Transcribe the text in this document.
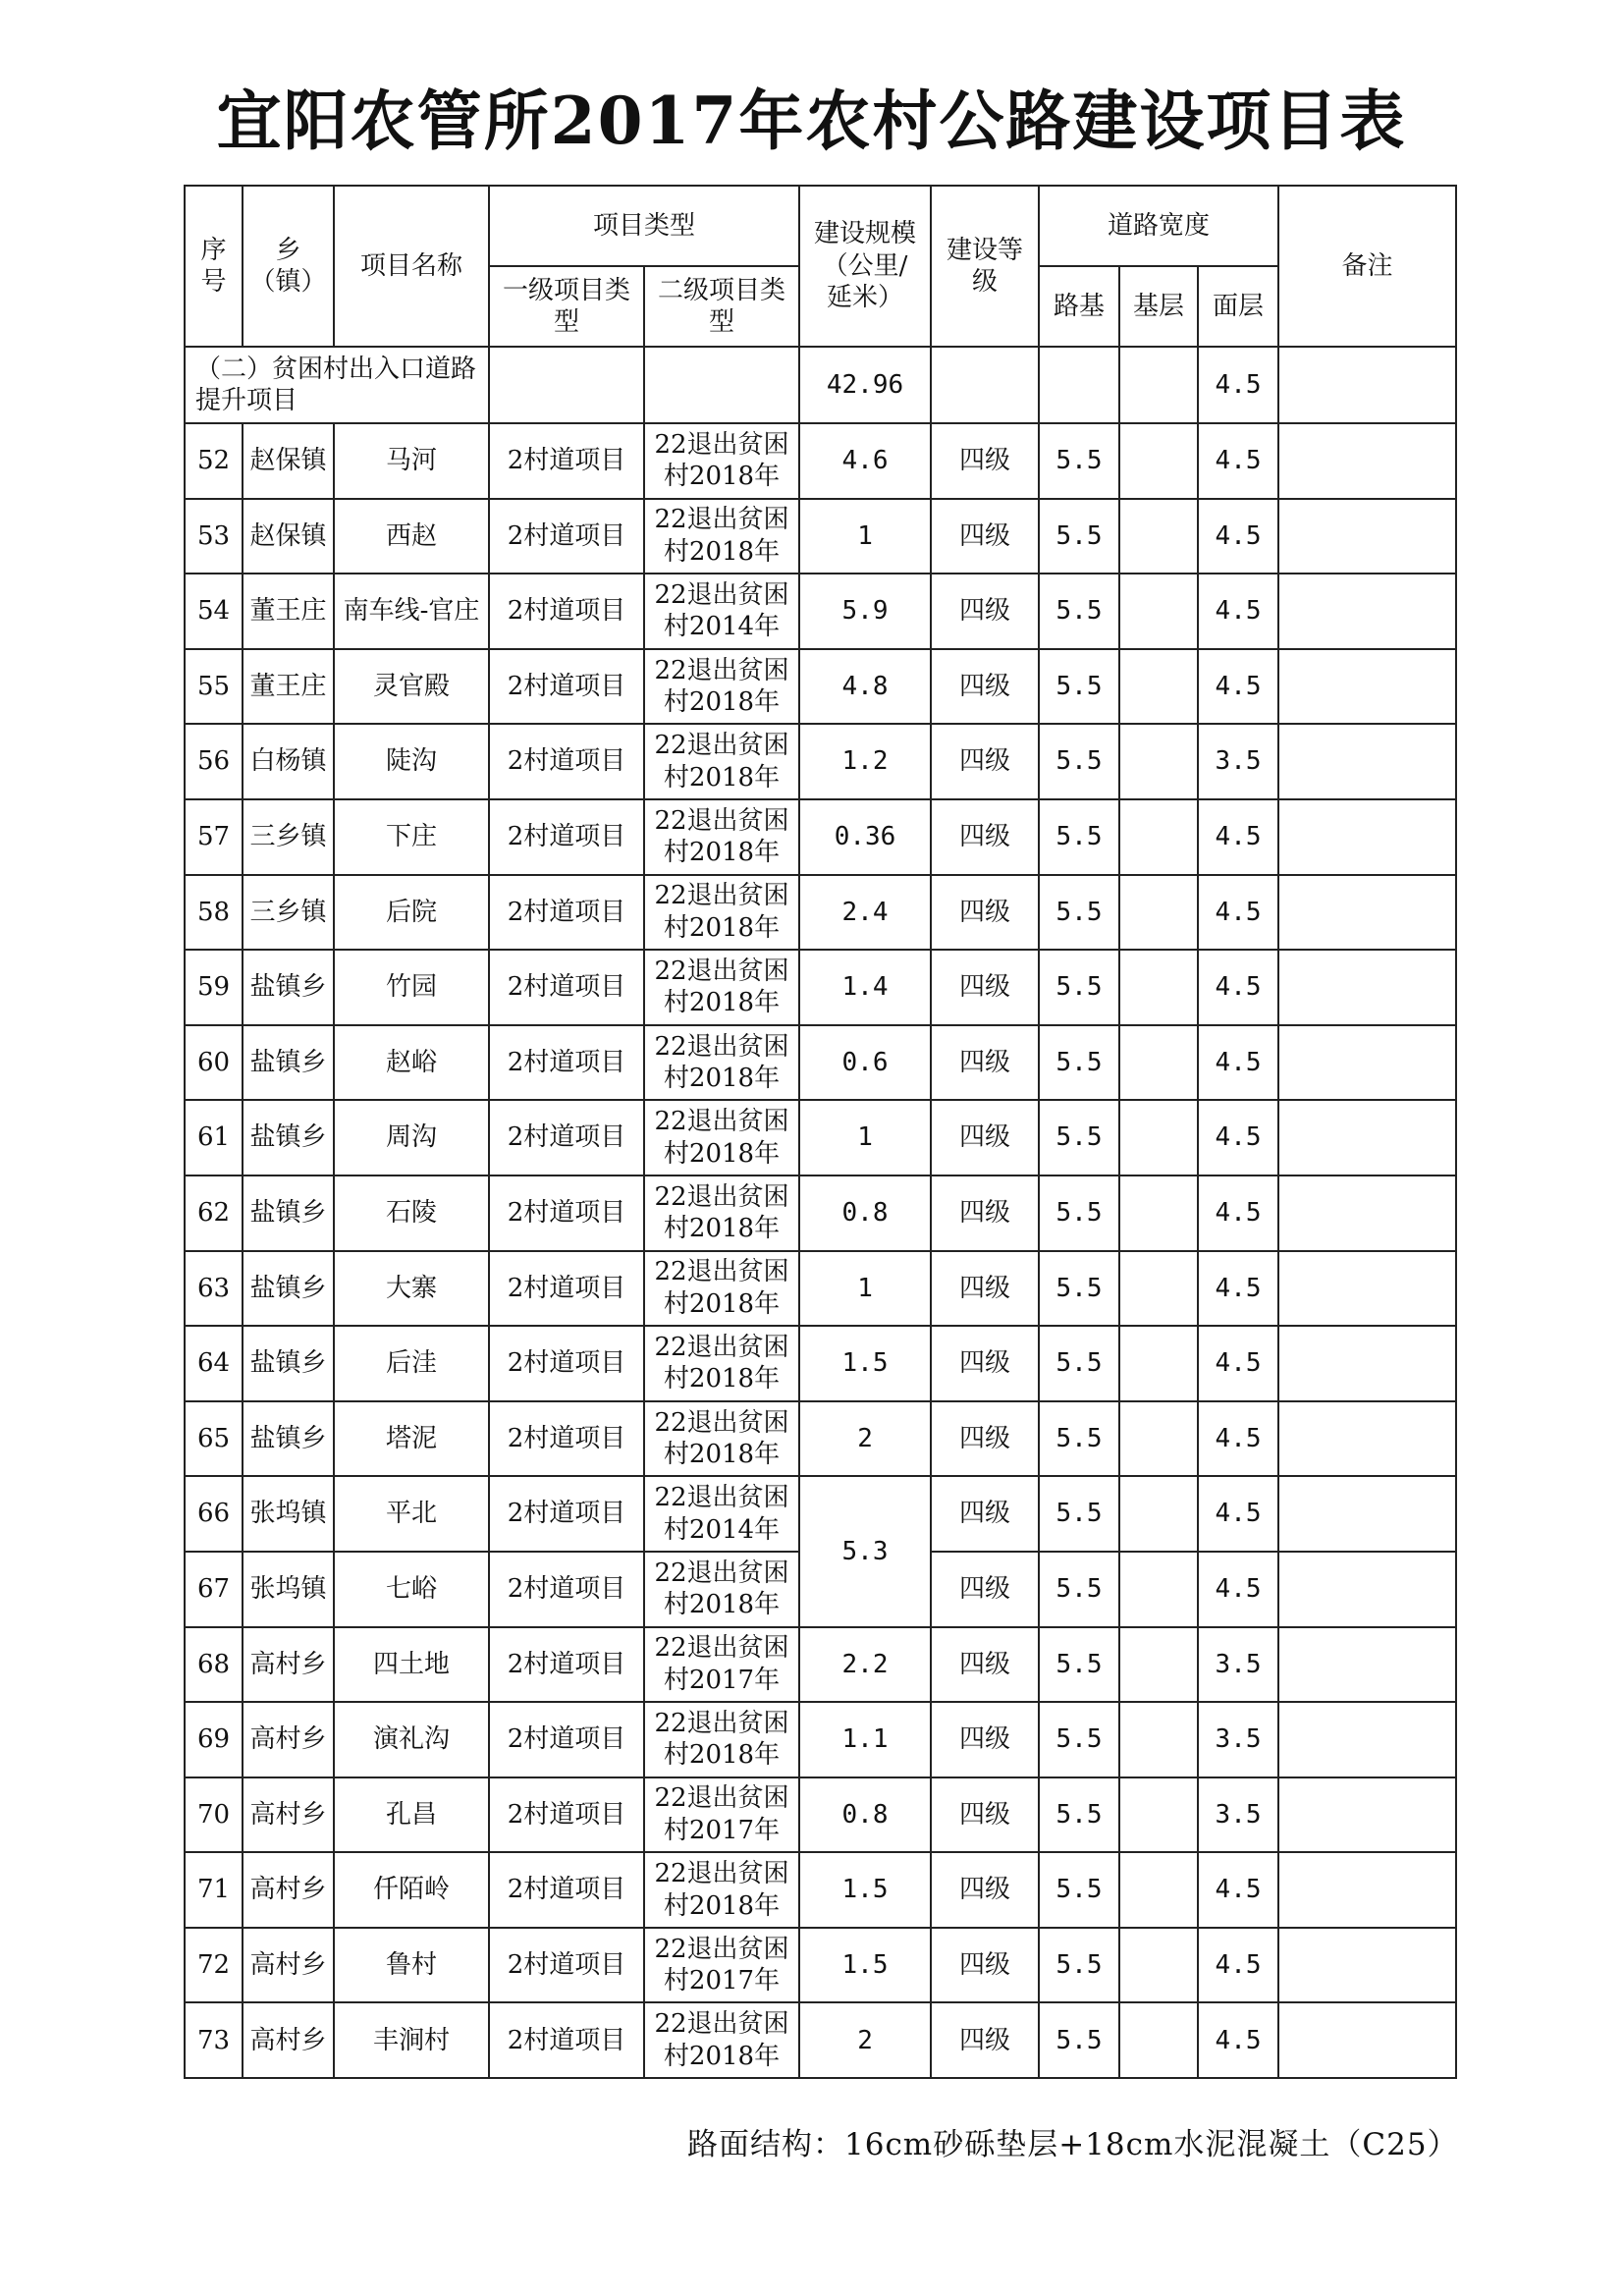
宜阳农管所2017年农村公路建设项目表
序
号	乡
（镇）	项目名称	项目类型		建设规模
（公里/
延米）	建设等
级	道路宽度			备注
			一级项目类
型	二级项目类
型			路基	基层	面层	
（二）贫困村出入口道路
提升项目					42.96				4.5	
52	赵保镇	马河	2村道项目	22退出贫困
村2018年	4.6	四级	5.5		4.5	
53	赵保镇	西赵	2村道项目	22退出贫困
村2018年	1	四级	5.5		4.5	
54	董王庄	南车线-官庄	2村道项目	22退出贫困
村2014年	5.9	四级	5.5		4.5	
55	董王庄	灵官殿	2村道项目	22退出贫困
村2018年	4.8	四级	5.5		4.5	
56	白杨镇	陡沟	2村道项目	22退出贫困
村2018年	1.2	四级	5.5		3.5	
57	三乡镇	下庄	2村道项目	22退出贫困
村2018年	0.36	四级	5.5		4.5	
58	三乡镇	后院	2村道项目	22退出贫困
村2018年	2.4	四级	5.5		4.5	
59	盐镇乡	竹园	2村道项目	22退出贫困
村2018年	1.4	四级	5.5		4.5	
60	盐镇乡	赵峪	2村道项目	22退出贫困
村2018年	0.6	四级	5.5		4.5	
61	盐镇乡	周沟	2村道项目	22退出贫困
村2018年	1	四级	5.5		4.5	
62	盐镇乡	石陵	2村道项目	22退出贫困
村2018年	0.8	四级	5.5		4.5	
63	盐镇乡	大寨	2村道项目	22退出贫困
村2018年	1	四级	5.5		4.5	
64	盐镇乡	后洼	2村道项目	22退出贫困
村2018年	1.5	四级	5.5		4.5	
65	盐镇乡	塔泥	2村道项目	22退出贫困
村2018年	2	四级	5.5		4.5	
66	张坞镇	平北	2村道项目	22退出贫困
村2014年	5.3	四级	5.5		4.5	
67	张坞镇	七峪	2村道项目	22退出贫困
村2018年		四级	5.5		4.5	
68	高村乡	四土地	2村道项目	22退出贫困
村2017年	2.2	四级	5.5		3.5	
69	高村乡	演礼沟	2村道项目	22退出贫困
村2018年	1.1	四级	5.5		3.5	
70	高村乡	孔昌	2村道项目	22退出贫困
村2017年	0.8	四级	5.5		3.5	
71	高村乡	仟陌岭	2村道项目	22退出贫困
村2018年	1.5	四级	5.5		4.5	
72	高村乡	鲁村	2村道项目	22退出贫困
村2017年	1.5	四级	5.5		4.5	
73	高村乡	丰涧村	2村道项目	22退出贫困
村2018年	2	四级	5.5		4.5	
路面结构：16cm砂砾垫层+18cm水泥混凝土（C25）
